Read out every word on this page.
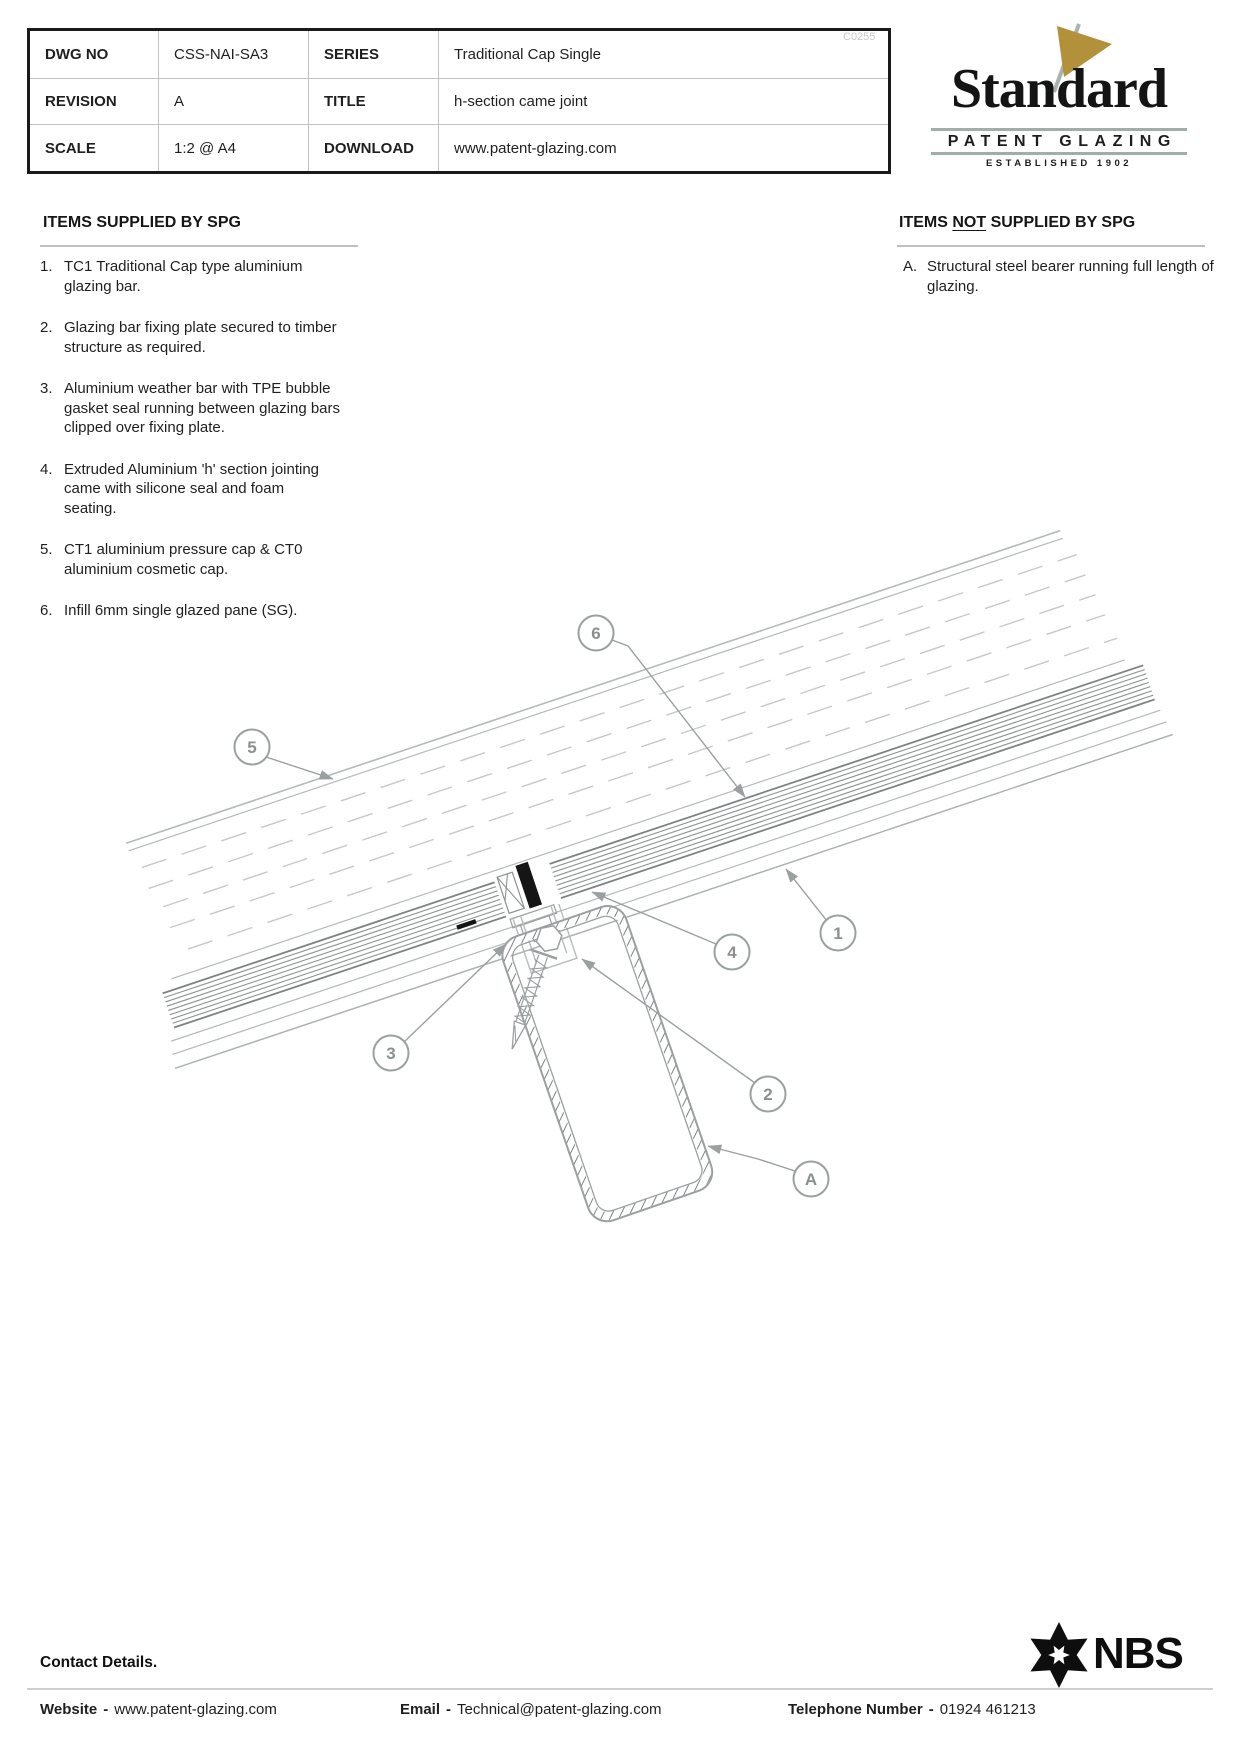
5
6
4
1
3
2
A
DWG NO	CSS-NAI-SA3	SERIES	Traditional Cap Single
REVISION	A	TITLE	h-section came joint
SCALE	1:2 @ A4	DOWNLOAD	www.patent-glazing.com
C0255
Standard
PATENT GLAZING
ESTABLISHED 1902
ITEMS SUPPLIED BY SPG
1. TC1 Traditional Cap type aluminium glazing bar.
2. Glazing bar fixing plate secured to timber structure as required.
3. Aluminium weather bar with TPE bubble gasket seal running between glazing bars clipped over fixing plate.
4. Extruded Aluminium 'h' section jointing came with silicone seal and foam seating.
5. CT1 aluminium pressure cap & CT0 aluminium cosmetic cap.
6. Infill 6mm single glazed pane (SG).
ITEMS NOT SUPPLIED BY SPG
A. Structural steel bearer running full length of glazing.
Contact Details.
Website - www.patent-glazing.com	Email - Technical@patent-glazing.com	Telephone Number - 01924 461213
NBS
